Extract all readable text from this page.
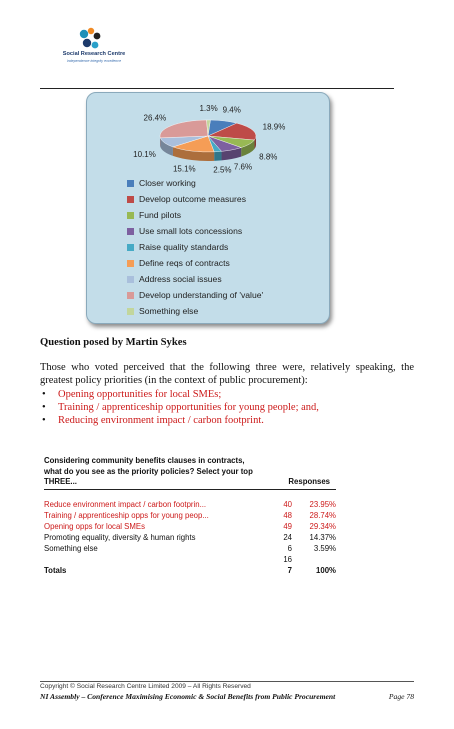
Social Research Centre
independence integrity excellence
9.4%
18.9%
8.8%
7.6%
2.5%
15.1%
10.1%
26.4%
1.3%
Closer working
Develop outcome measures
Fund pilots
Use small lots concessions
Raise quality standards
Define reqs of contracts
Address social issues
Develop understanding of 'value'
Something else
Question posed by Martin Sykes
Those who voted perceived that the following three were, relatively speaking, the greatest policy priorities (in the context of public procurement):
• Opening opportunities for local SMEs;
• Training / apprenticeship opportunities for young people; and,
• Reducing environment impact / carbon footprint.
Considering community benefits clauses in contracts,
what do you see as the priority policies? Select your top
THREE...	Responses
Reduce environment impact / carbon footprin...	40 23.95%
Training / apprenticeship opps for young peop...	48 28.74%
Opening opps for local SMEs	49 29.34%
Promoting equality, diversity & human rights	24 14.37%
Something else	6	3.59%
16
Totals	7	100%
Copyright © Social Research Centre Limited 2009 – All Rights Reserved
NI Assembly – Conference Maximising Economic & Social Benefits from Public Procurement	Page 78
